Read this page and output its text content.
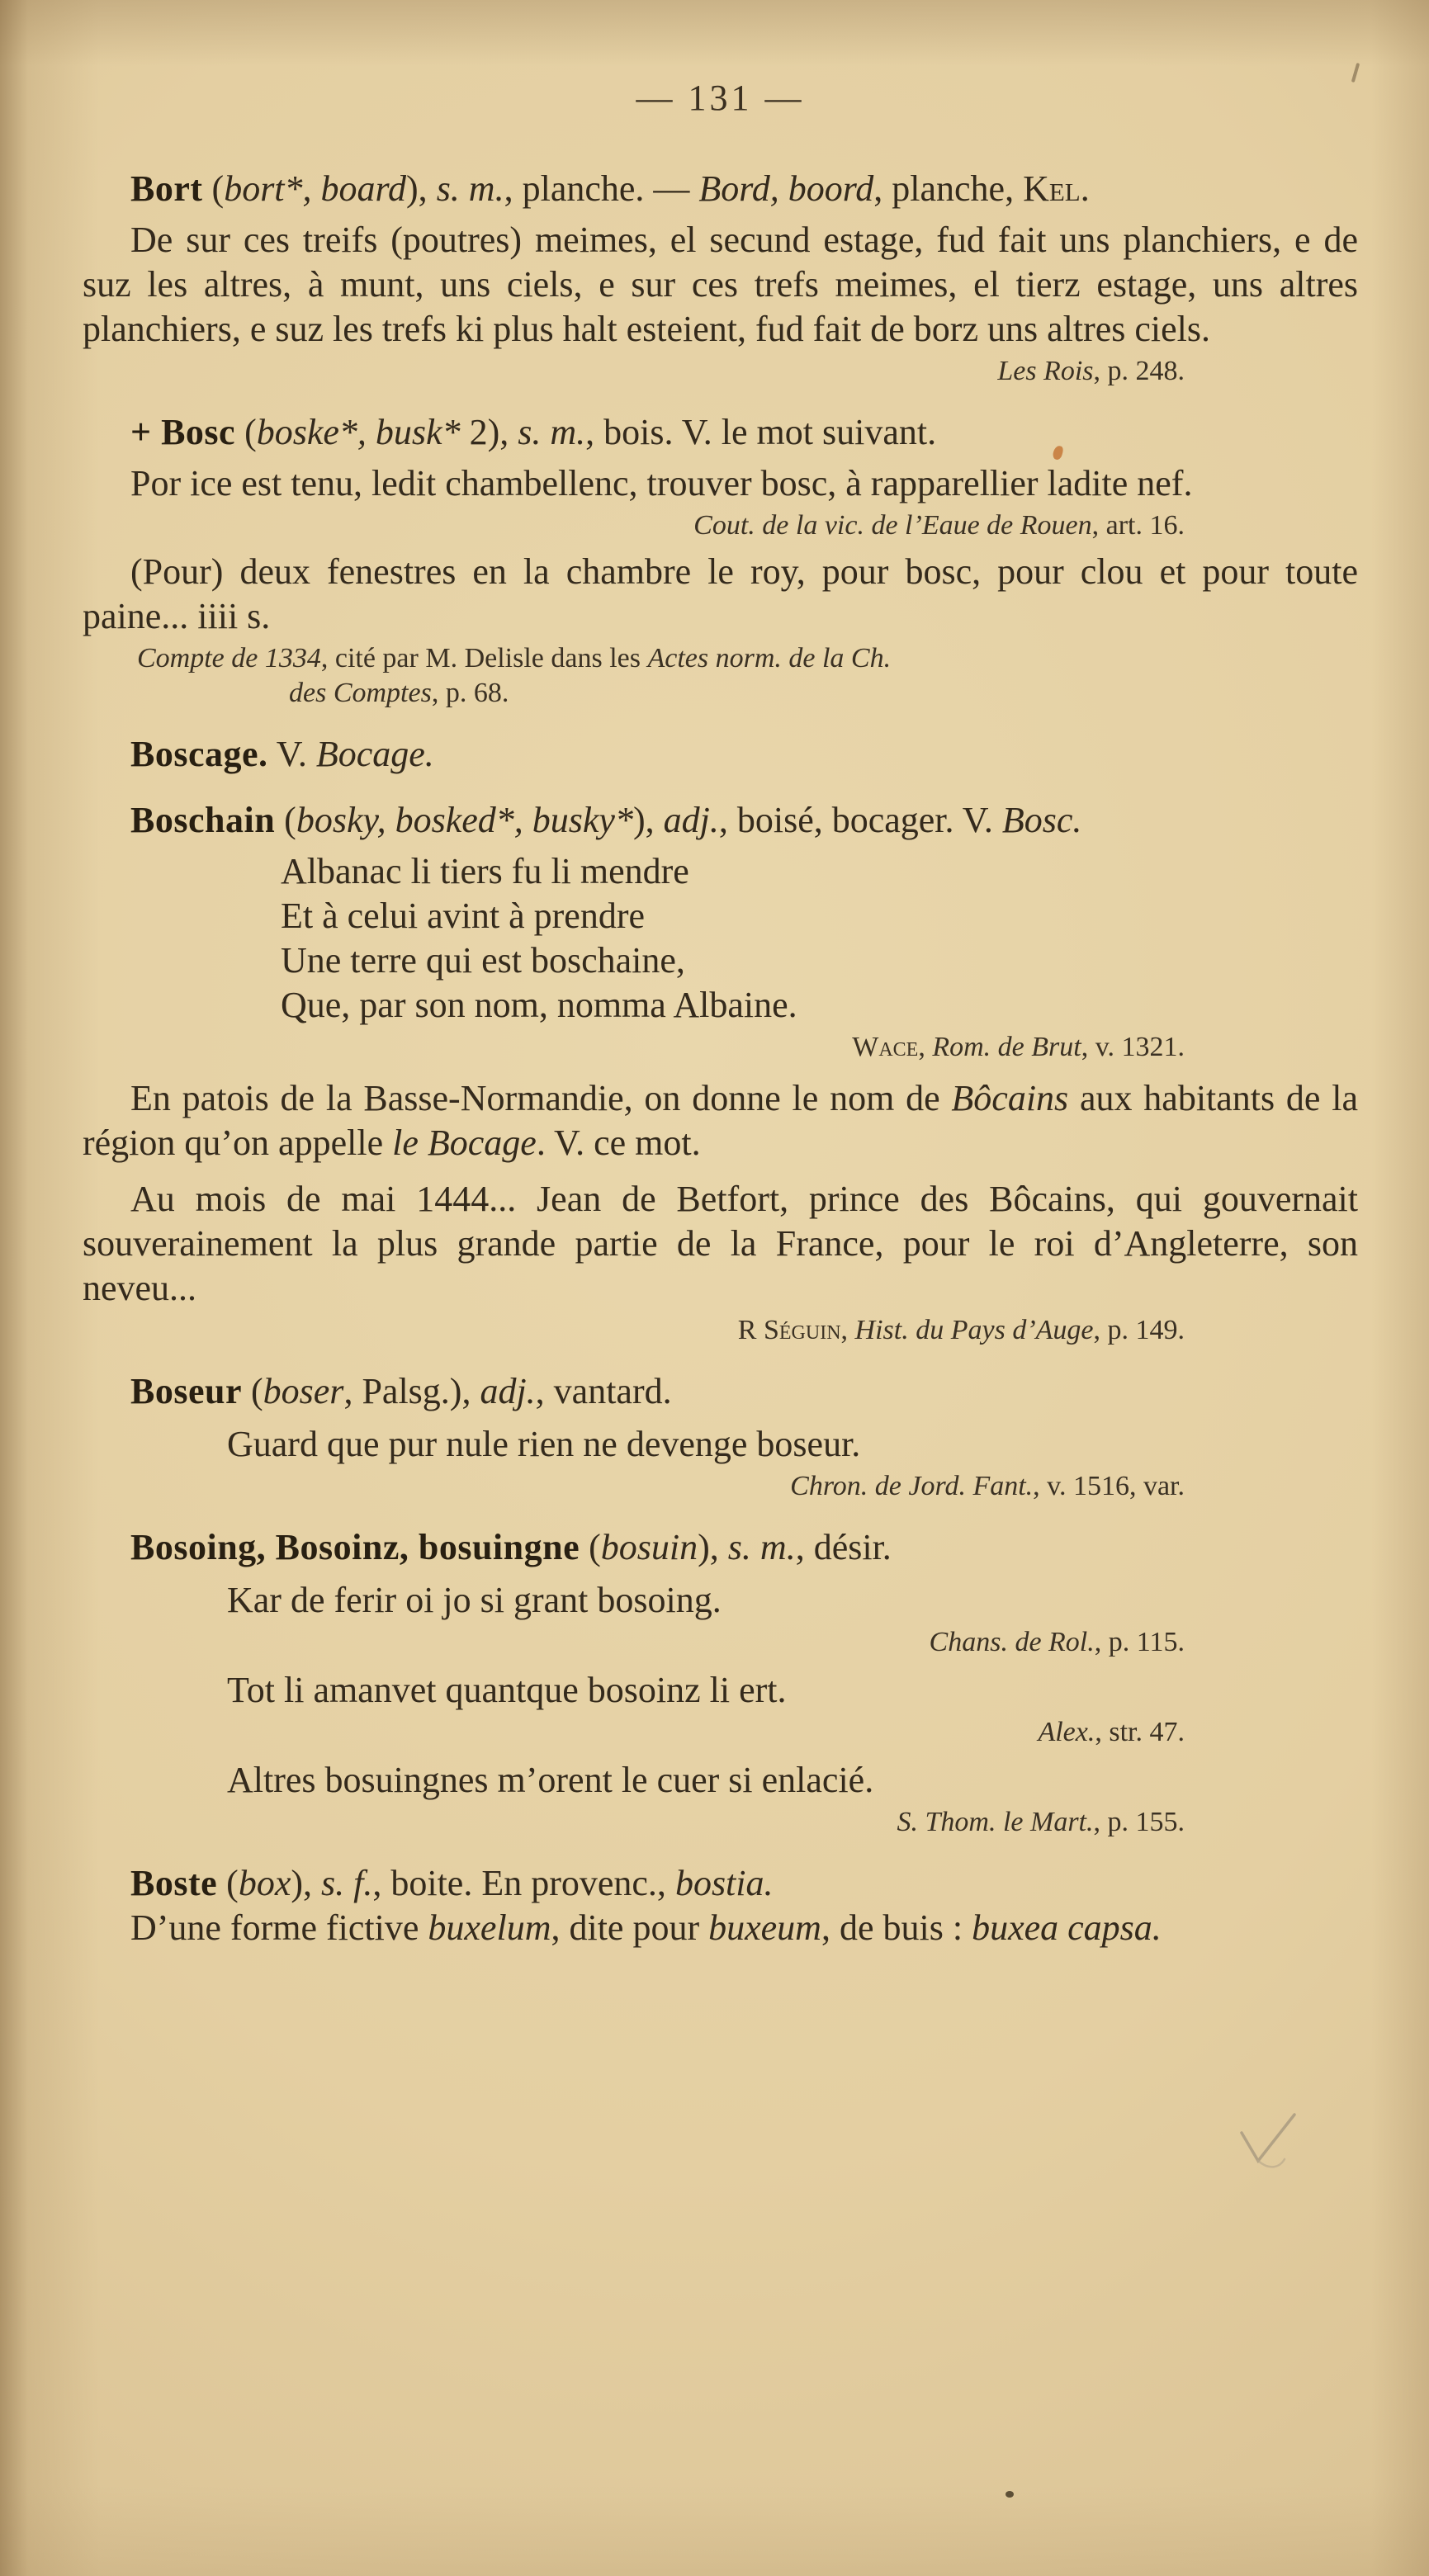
— 131 —
Bort (bort*, board), s. m., planche. — Bord, boord, planche, Kel.
De sur ces treifs (poutres) meimes, el secund estage, fud fait uns planchiers, e de suz les altres, à munt, uns ciels, e sur ces trefs meimes, el tierz estage, uns altres planchiers, e suz les trefs ki plus halt esteient, fud fait de borz uns altres ciels.
Les Rois, p. 248.
+ Bosc (boske*, busk* 2), s. m., bois. V. le mot suivant.
Por ice est tenu, ledit chambellenc, trouver bosc, à rapparellier ladite nef.
Cout. de la vic. de l’Eaue de Rouen, art. 16.
(Pour) deux fenestres en la chambre le roy, pour bosc, pour clou et pour toute paine... iiii s.
Compte de 1334, cité par M. Delisle dans les Actes norm. de la Ch.
des Comptes, p. 68.
Boscage. V. Bocage.
Boschain (bosky, bosked*, busky*), adj., boisé, bocager. V. Bosc.
Albanac li tiers fu li mendre
Et à celui avint à prendre
Une terre qui est boschaine,
Que, par son nom, nomma Albaine.
Wace, Rom. de Brut, v. 1321.
En patois de la Basse-Normandie, on donne le nom de Bôcains aux habitants de la région qu’on appelle le Bocage. V. ce mot.
Au mois de mai 1444... Jean de Betfort, prince des Bôcains, qui gouvernait souverainement la plus grande partie de la France, pour le roi d’Angleterre, son neveu...
R Séguin, Hist. du Pays d’Auge, p. 149.
Boseur (boser, Palsg.), adj., vantard.
Guard que pur nule rien ne devenge boseur.
Chron. de Jord. Fant., v. 1516, var.
Bosoing, Bosoinz, bosuingne (bosuin), s. m., désir.
Kar de ferir oi jo si grant bosoing.
Chans. de Rol., p. 115.
Tot li amanvet quantque bosoinz li ert.
Alex., str. 47.
Altres bosuingnes m’orent le cuer si enlacié.
S. Thom. le Mart., p. 155.
Boste (box), s. f., boite. En provenc., bostia.
D’une forme fictive buxelum, dite pour buxeum, de buis : buxea capsa.
